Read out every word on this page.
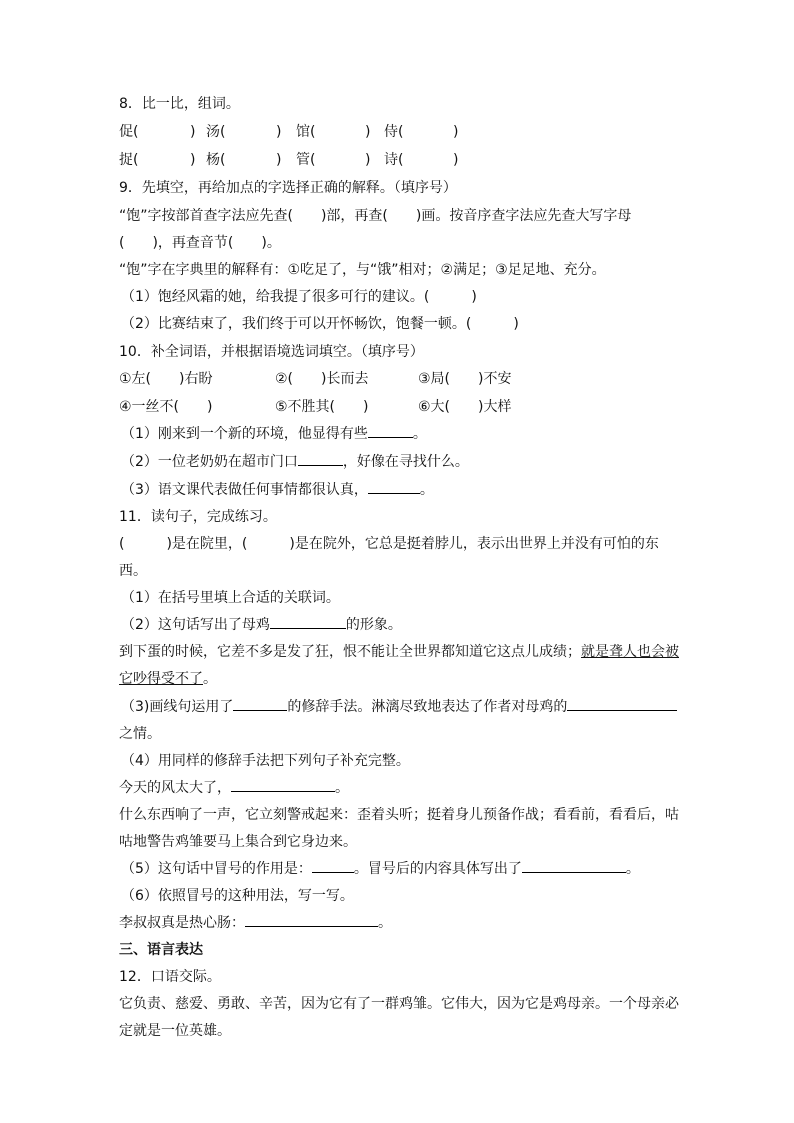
8．比一比，组词。
促(	) 汤(	) 馆(	) 侍(	)
捉(	) 杨(	) 管(	) 诗(	)
9．先填空，再给加点的字选择正确的解释。（填序号）
“饱”字按部首查字法应先查(　　)部，再查(　　)画。按音序查字法应先查大写字母
(　　)，再查音节(　　)。
“饱”字在字典里的解释有：①吃足了，与“饿”相对；②满足；③足足地、充分。
（1）饱经风霜的她，给我提了很多可行的建议。(　　　)
（2）比赛结束了，我们终于可以开怀畅饮，饱餐一顿。(　　　)
10．补全词语，并根据语境选词填空。（填序号）
①左(　　)右盼	②(　　)长而去	③局(　　)不安
④一丝不(　　)	⑤不胜其(　　)	⑥大(　　)大样
（1）刚来到一个新的环境，他显得有些	。
（2）一位老奶奶在超市门口	，好像在寻找什么。
（3）语文课代表做任何事情都很认真，	。
11．读句子，完成练习。
(　　　)是在院里，(　　　)是在院外，它总是挺着脖儿，表示出世界上并没有可怕的东
西。
（1）在括号里填上合适的关联词。
（2）这句话写出了母鸡	的形象。
到下蛋的时候，它差不多是发了狂，恨不能让全世界都知道它这点儿成绩；就是聋人也会被
它吵得受不了。
（3)画线句运用了	的修辞手法。淋漓尽致地表达了作者对母鸡的
之情。
（4）用同样的修辞手法把下列句子补充完整。
今天的风太大了，	。
什么东西响了一声，它立刻警戒起来：歪着头听；挺着身儿预备作战；看看前，看看后，咕
咕地警告鸡雏要马上集合到它身边来。
（5）这句话中冒号的作用是：	。冒号后的内容具体写出了	。
（6）依照冒号的这种用法，写一写。
李叔叔真是热心肠：	。
三、语言表达
12．口语交际。
它负责、慈爱、勇敢、辛苦，因为它有了一群鸡雏。它伟大，因为它是鸡母亲。一个母亲必
定就是一位英雄。
